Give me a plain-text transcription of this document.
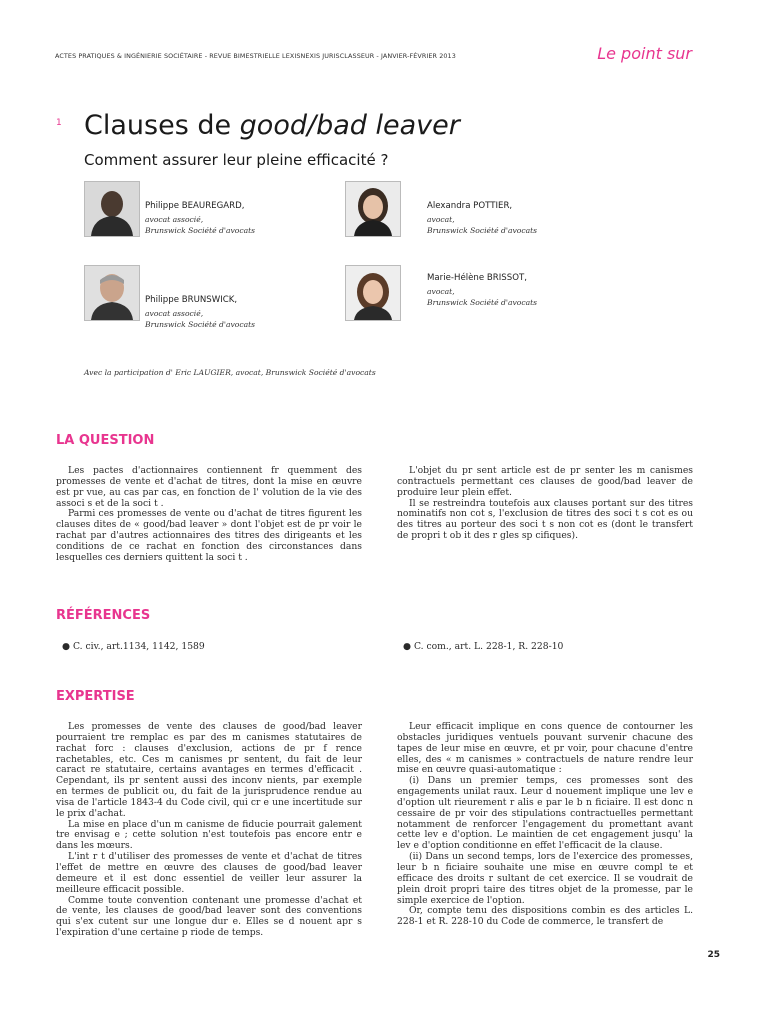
ACTES PRATIQUES & INGÉNIERIE SOCIÉTAIRE - REVUE BIMESTRIELLE LEXISNEXIS JURISCLASSEUR - JANVIER-FÉVRIER 2013	Le point sur
1 Clauses de good/bad leaver
Comment assurer leur pleine efficacité ?
Philippe BEAUREGARD,
avocat associé,
Brunswick Société d'avocats
Alexandra POTTIER,
avocat,
Brunswick Société d'avocats
Philippe BRUNSWICK,
avocat associé,
Brunswick Société d'avocats
Marie-Hélène BRISSOT,
avocat,
Brunswick Société d'avocats
Avec la participation d' Eric LAUGIER, avocat, Brunswick Société d'avocats
LA QUESTION

Les pactes d'actionnaires contiennent fr quemment des promesses de vente et d'achat de titres, dont la mise en œuvre est pr vue, au cas par cas, en fonction de l' volution de la vie des associ s et de la soci t .

Parmi ces promesses de vente ou d'achat de titres figurent les clauses dites de « good/bad leaver » dont l'objet est de pr voir le rachat par d'autres actionnaires des titres des dirigeants et les conditions de ce rachat en fonction des circonstances dans lesquelles ces derniers quittent la soci t .

L'objet du pr sent article est de pr senter les m canismes contractuels permettant ces clauses de good/bad leaver de produire leur plein effet.

Il se restreindra toutefois aux clauses portant sur des titres nominatifs non cot s, l'exclusion de titres des soci t s cot es ou des titres au porteur des soci t s non cot es (dont le transfert de propri t ob it des r gles sp cifiques).

RÉFÉRENCES
● C. civ., art.1134, 1142, 1589	● C. com., art. L. 228-1, R. 228-10
EXPERTISE

Les promesses de vente des clauses de good/bad leaver pourraient tre remplac es par des m canismes statutaires de rachat forc : clauses d'exclusion, actions de pr f rence rachetables, etc. Ces m canismes pr sentent, du fait de leur caract re statutaire, certains avantages en termes d'efficacit . Cependant, ils pr sentent aussi des inconv nients, par exemple en termes de publicit ou, du fait de la jurisprudence rendue au visa de l'article 1843-4 du Code civil, qui cr e une incertitude sur le prix d'achat.

La mise en place d'un m canisme de fiducie pourrait galement tre envisag e ; cette solution n'est toutefois pas encore entr e dans les mœurs.

L'int r t d'utiliser des promesses de vente et d'achat de titres l'effet de mettre en œuvre des clauses de good/bad leaver demeure et il est donc essentiel de veiller leur assurer la meilleure efficacit possible.

Comme toute convention contenant une promesse d'achat et de vente, les clauses de good/bad leaver sont des conventions qui s'ex cutent sur une longue dur e. Elles se d nouent apr s l'expiration d'une certaine p riode de temps.

Leur efficacit implique en cons quence de contourner les obstacles juridiques ventuels pouvant survenir chacune des tapes de leur mise en œuvre, et pr voir, pour chacune d'entre elles, des « m canismes » contractuels de nature rendre leur mise en œuvre quasi-automatique :

(i) Dans un premier temps, ces promesses sont des engagements unilat raux. Leur d nouement implique une lev e d'option ult rieurement r alis e par le b n ficiaire. Il est donc n cessaire de pr voir des stipulations contractuelles permettant notamment de renforcer l'engagement du promettant avant cette lev e d'option. Le maintien de cet engagement jusqu' la lev e d'option conditionne en effet l'efficacit de la clause.

(ii) Dans un second temps, lors de l'exercice des promesses, leur b n ficiaire souhaite une mise en œuvre compl te et efficace des droits r sultant de cet exercice. Il se voudrait de plein droit propri taire des titres objet de la promesse, par le simple exercice de l'option.

Or, compte tenu des dispositions combin es des articles L. 228-1 et R. 228-10 du Code de commerce, le transfert de

25
